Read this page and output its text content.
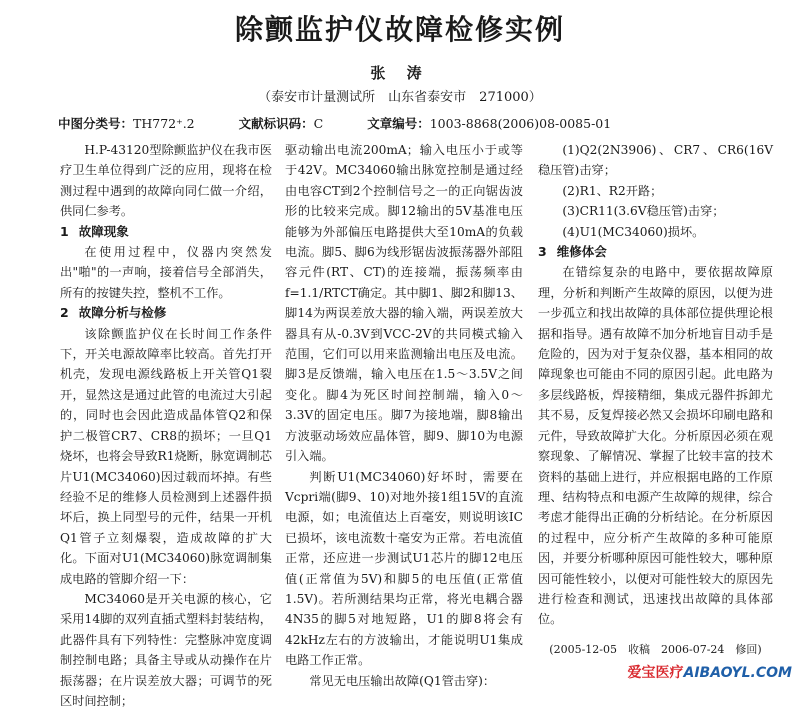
除颤监护仪故障检修实例
张 涛
（泰安市计量测试所　山东省泰安市　271000）
中图分类号：TH772⁺.2	文献标识码：C	文章编号：1003-8868(2006)08-0085-01

H.P-43120型除颤监护仪在我市医疗卫生单位得到广泛的应用，现将在检测过程中遇到的故障向同仁做一介绍，供同仁参考。

1 故障现象

在使用过程中，仪器内突然发出"啪"的一声响，接着信号全部消失，所有的按键失控，整机不工作。

2 故障分析与检修

该除颤监护仪在长时间工作条件下，开关电源故障率比较高。首先打开机壳，发现电源线路板上开关管Q1裂开，显然这是通过此管的电流过大引起的，同时也会因此造成晶体管Q2和保护二极管CR7、CR8的损坏；一旦Q1烧坏，也将会导致R1烧断，脉宽调制芯片U1(MC34060)因过载而坏掉。有些经验不足的维修人员检测到上述器件损坏后，换上同型号的元件，结果一开机Q1管子立刻爆裂，造成故障的扩大化。下面对U1(MC34060)脉宽调制集成电路的管脚介绍一下：

MC34060是开关电源的核心，它采用14脚的双列直插式塑料封装结构，此器件具有下列特性：完整脉冲宽度调制控制电路；具备主导或从动操作在片振荡器；在片误差放大器；可调节的死区时间控制；

驱动输出电流200mA；输入电压小于或等于42V。MC34060输出脉宽控制是通过经由电容CT到2个控制信号之一的正向锯齿波形的比较来完成。脚12输出的5V基准电压能够为外部偏压电路提供大至10mA的负载电流。脚5、脚6为线形锯齿波振荡器外部阻容元件(RT、CT)的连接端，振荡频率由f=1.1/RTCT确定。其中脚1、脚2和脚13、脚14为两误差放大器的输入端，两误差放大器具有从-0.3V到VCC-2V的共同模式输入范围，它们可以用来监测输出电压及电流。脚3是反馈端，输入电压在1.5～3.5V之间变化。脚4为死区时间控制端，输入0～3.3V的固定电压。脚7为接地端，脚8输出方波驱动场效应晶体管，脚9、脚10为电源引入端。

判断U1(MC34060)好坏时，需要在Vcpri端(脚9、10)对地外接1组15V的直流电源，如；电流值达上百毫安，则说明该IC已损坏，该电流数十毫安为正常。若电流值正常，还应进一步测试U1芯片的脚12电压值(正常值为5V)和脚5的电压值(正常值1.5V)。若所测结果均正常，将光电耦合器4N35的脚5对地短路，U1的脚8将会有42kHz左右的方波输出，才能说明U1集成电路工作正常。

常见无电压输出故障(Q1管击穿)：

(1)Q2(2N3906)、CR7、CR6(16V稳压管)击穿；

(2)R1、R2开路；

(3)CR11(3.6V稳压管)击穿；

(4)U1(MC34060)损坏。

3 维修体会

在错综复杂的电路中，要依据故障原理，分析和判断产生故障的原因，以便为进一步孤立和找出故障的具体部位提供理论根据和指导。遇有故障不加分析地盲目动手是危险的，因为对于复杂仪器，基本相同的故障现象也可能由不同的原因引起。此电路为多层线路板，焊接精细，集成元器件拆卸尤其不易，反复焊接必然又会损坏印刷电路和元件，导致故障扩大化。分析原因必须在观察现象、了解情况、掌握了比较丰富的技术资料的基础上进行，并应根据电路的工作原理、结构特点和电源产生故障的规律，综合考虑才能得出正确的分析结论。在分析原因的过程中，应分析产生故障的多种可能原因，并要分析哪种原因可能性较大，哪种原因可能性较小，以便对可能性较大的原因先进行检查和测试，迅速找出故障的具体部位。

(2005-12-05　收稿　2006-07-24　修回)
爱宝医疗AIBAOYL.COM
